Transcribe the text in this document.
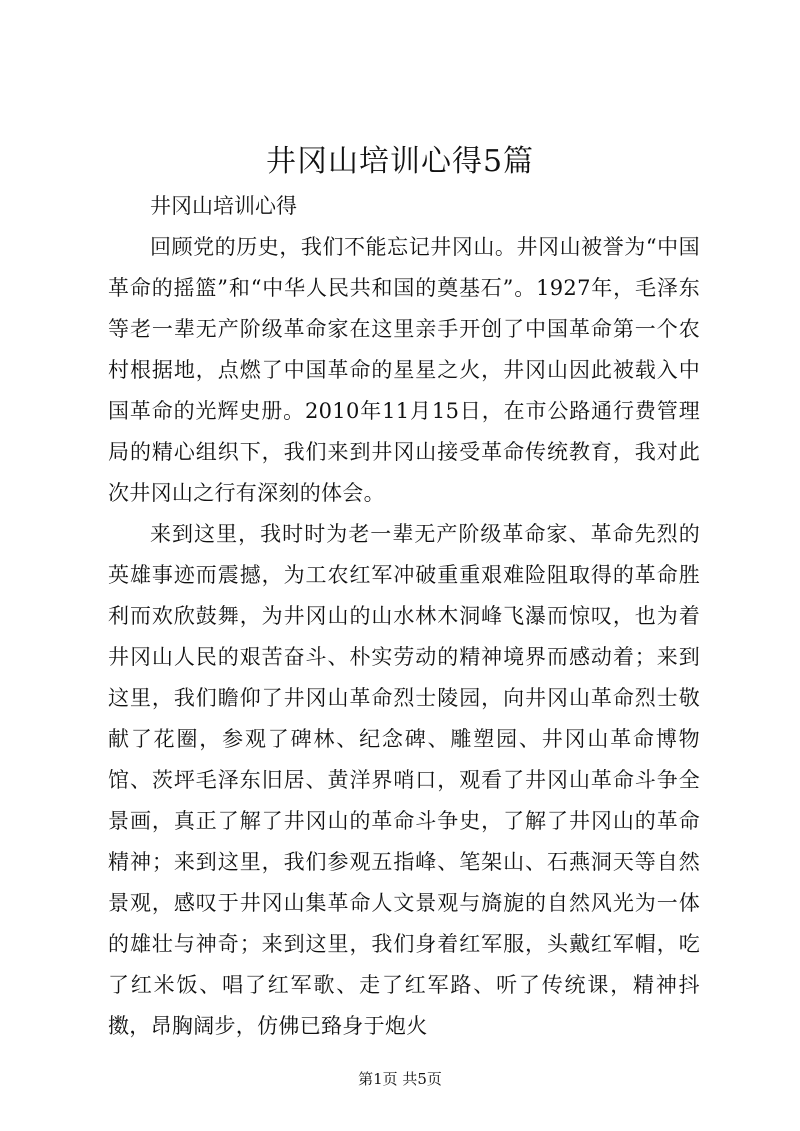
井冈山培训心得5篇

井冈山培训心得

回顾党的历史，我们不能忘记井冈山。井冈山被誉为“中国革命的摇篮”和“中华人民共和国的奠基石”。1927年，毛泽东等老一辈无产阶级革命家在这里亲手开创了中国革命第一个农村根据地，点燃了中国革命的星星之火，井冈山因此被载入中国革命的光辉史册。2010年11月15日，在市公路通行费管理局的精心组织下，我们来到井冈山接受革命传统教育，我对此次井冈山之行有深刻的体会。

来到这里，我时时为老一辈无产阶级革命家、革命先烈的英雄事迹而震撼，为工农红军冲破重重艰难险阻取得的革命胜利而欢欣鼓舞，为井冈山的山水林木洞峰飞瀑而惊叹，也为着井冈山人民的艰苦奋斗、朴实劳动的精神境界而感动着；来到这里，我们瞻仰了井冈山革命烈士陵园，向井冈山革命烈士敬献了花圈，参观了碑林、纪念碑、雕塑园、井冈山革命博物馆、茨坪毛泽东旧居、黄洋界哨口，观看了井冈山革命斗争全景画，真正了解了井冈山的革命斗争史，了解了井冈山的革命精神；来到这里，我们参观五指峰、笔架山、石燕洞天等自然景观，感叹于井冈山集革命人文景观与旖旎的自然风光为一体的雄壮与神奇；来到这里，我们身着红军服，头戴红军帽，吃了红米饭、唱了红军歌、走了红军路、听了传统课，精神抖擞，昂胸阔步，仿佛已臵身于炮火

第1页 共5页
